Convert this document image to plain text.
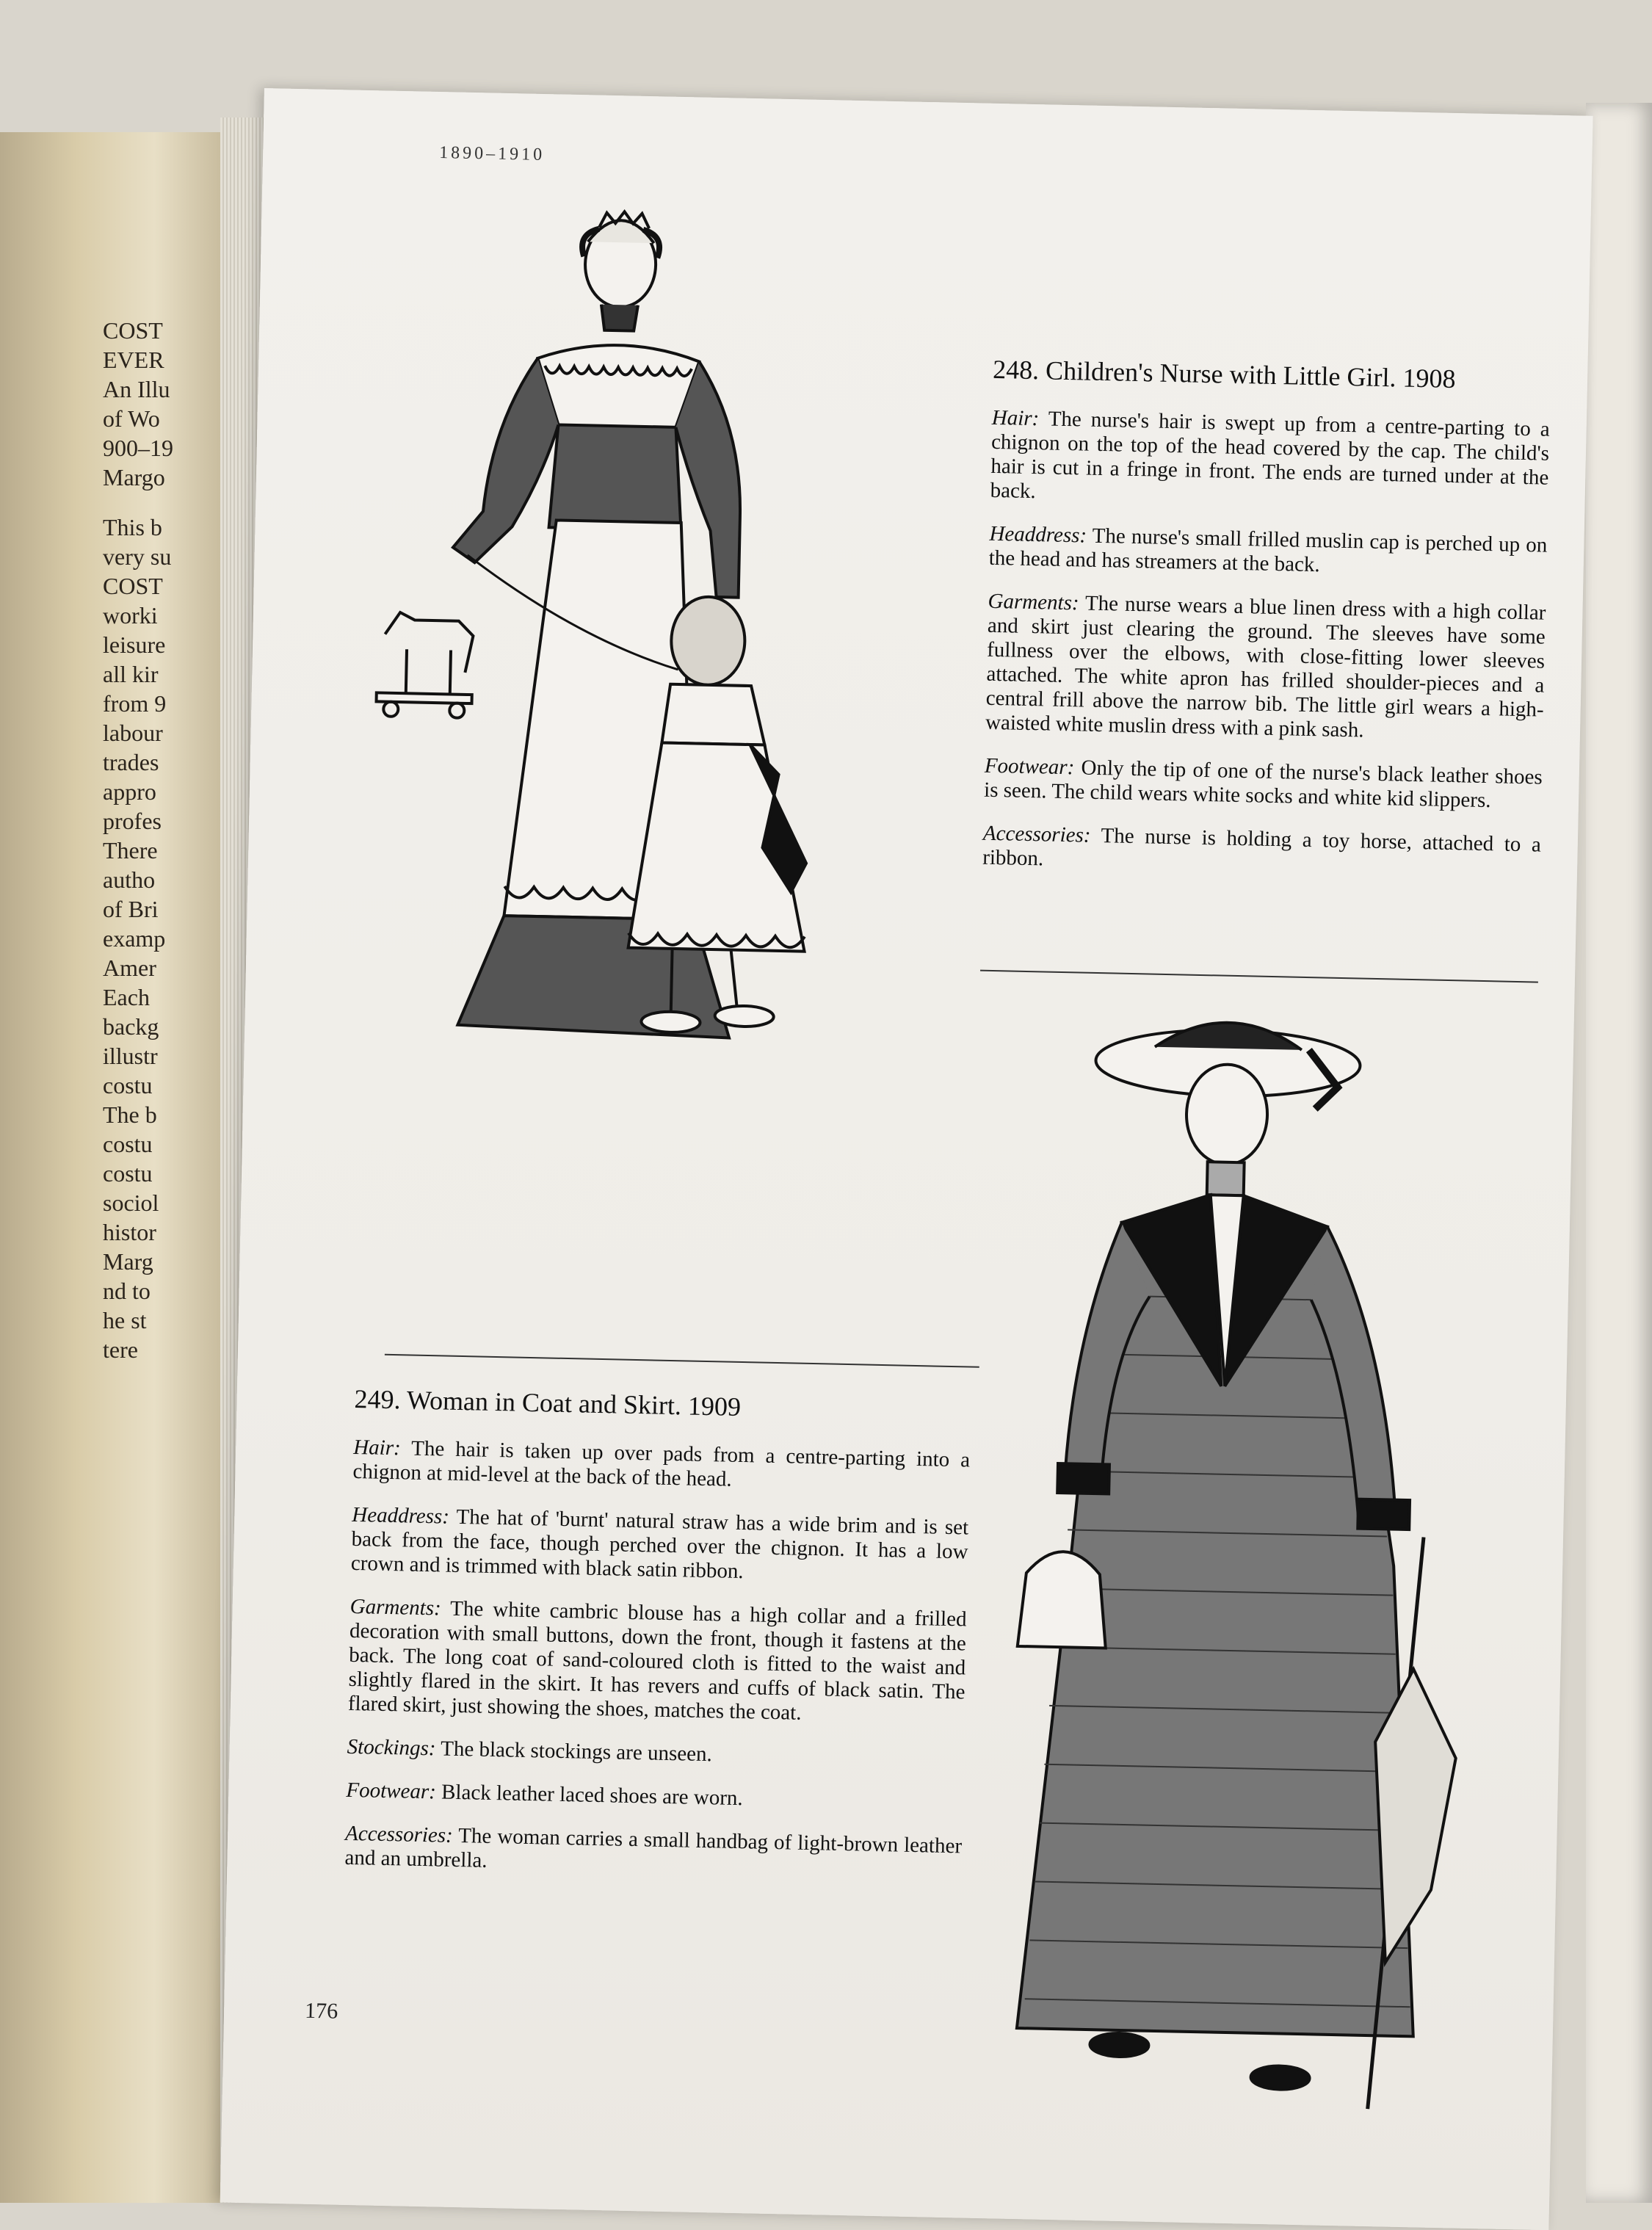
COST
EVER
An Illu
of Wo
900–19
Margo
This b
very su
COST
worki
leisure
all kir
from 9
labour
trades
appro
profes
There
autho
of Bri
examp
Amer
Each
backg
illustr
costu
The b
costu
costu
sociol
histor
Marg
nd to
he st
tere
1890–1910
248. Children's Nurse with Little Girl. 1908

Hair: The nurse's hair is swept up from a centre-parting to a chignon on the top of the head covered by the cap. The child's hair is cut in a fringe in front. The ends are turned under at the back.

Headdress: The nurse's small frilled muslin cap is perched up on the head and has streamers at the back.

Garments: The nurse wears a blue linen dress with a high collar and skirt just clearing the ground. The sleeves have some fullness over the elbows, with close-fitting lower sleeves attached. The white apron has frilled shoulder-pieces and a central frill above the narrow bib. The little girl wears a high-waisted white muslin dress with a pink sash.

Footwear: Only the tip of one of the nurse's black leather shoes is seen. The child wears white socks and white kid slippers.

Accessories: The nurse is holding a toy horse, attached to a ribbon.

249. Woman in Coat and Skirt. 1909

Hair: The hair is taken up over pads from a centre-parting into a chignon at mid-level at the back of the head.

Headdress: The hat of 'burnt' natural straw has a wide brim and is set back from the face, though perched over the chignon. It has a low crown and is trimmed with black satin ribbon.

Garments: The white cambric blouse has a high collar and a frilled decoration with small buttons, down the front, though it fastens at the back. The long coat of sand-coloured cloth is fitted to the waist and slightly flared in the skirt. It has revers and cuffs of black satin. The flared skirt, just showing the shoes, matches the coat.

Stockings: The black stockings are unseen.

Footwear: Black leather laced shoes are worn.

Accessories: The woman carries a small handbag of light-brown leather and an umbrella.

176
